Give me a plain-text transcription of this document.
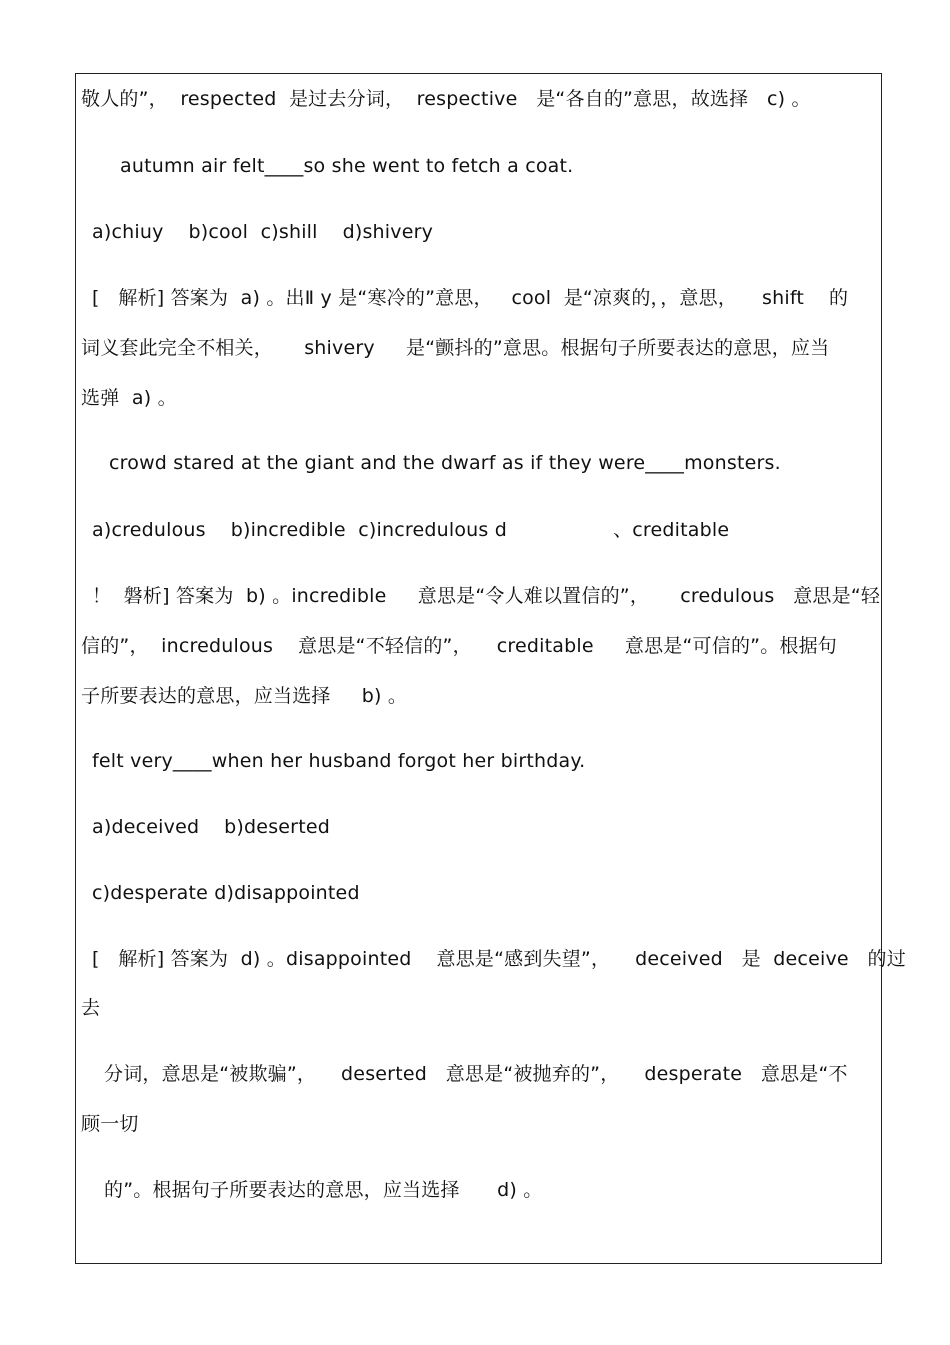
敬人的”，  respected  是过去分词，  respective   是“各自的”意思，故选择   c) 。
autumn air felt____so she went to fetch a coat.
a)chiuy    b)cool  c)shill    d)shivery
[   解析] 答案为  a) 。出Ⅱ y 是“寒冷的”意思，   cool  是“凉爽的，，意思，    shift    的
词义套此完全不相关，     shivery     是“颤抖的”意思。根据句子所要表达的意思，应当
选弹  a) 。
crowd stared at the giant and the dwarf as if they were____monsters.
a)credulous    b)incredible  c)incredulous d                 、creditable
！  磐析] 答案为  b) 。incredible     意思是“令人难以置信的”，     credulous   意思是“轻
信的”，  incredulous    意思是“不轻信的”，    creditable     意思是“可信的”。根据句
子所要表达的意思，应当选择     b) 。
felt very____when her husband forgot her birthday.
a)deceived    b)deserted
c)desperate d)disappointed
[   解析] 答案为  d) 。disappointed    意思是“感到失望”，    deceived   是  deceive   的过
去
分词，意思是“被欺骗”，    deserted   意思是“被抛弃的”，    desperate   意思是“不
顾一切
的”。根据句子所要表达的意思，应当选择      d) 。
